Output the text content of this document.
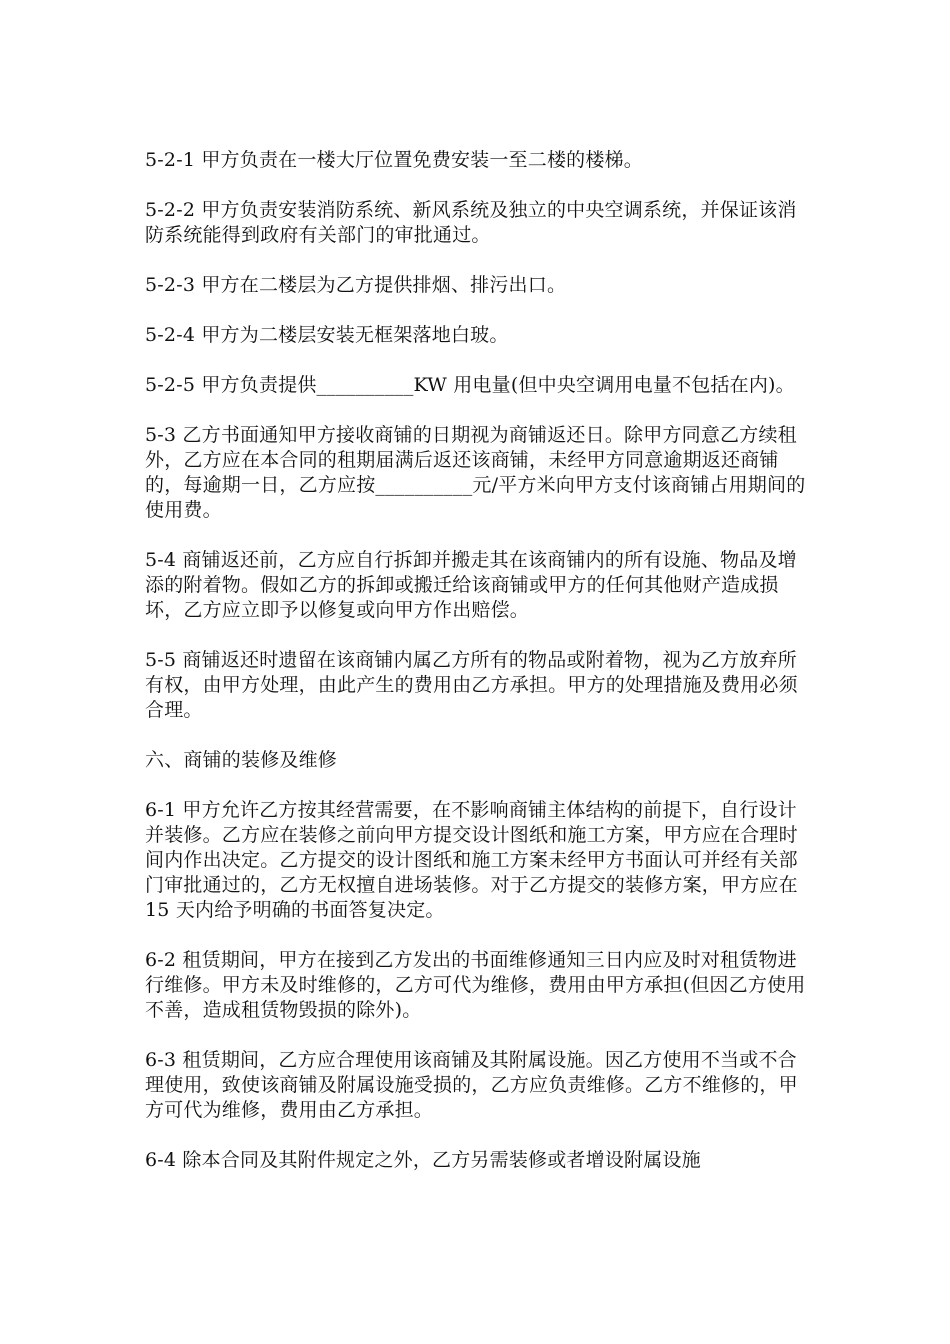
5-2-1 甲方负责在一楼大厅位置免费安装一至二楼的楼梯。

5-2-2 甲方负责安装消防系统、新风系统及独立的中央空调系统，并保证该消防系统能得到政府有关部门的审批通过。

5-2-3 甲方在二楼层为乙方提供排烟、排污出口。

5-2-4 甲方为二楼层安装无框架落地白玻。

5-2-5 甲方负责提供__________KW 用电量(但中央空调用电量不包括在内)。

5-3 乙方书面通知甲方接收商铺的日期视为商铺返还日。除甲方同意乙方续租外，乙方应在本合同的租期届满后返还该商铺，未经甲方同意逾期返还商铺的，每逾期一日，乙方应按__________元/平方米向甲方支付该商铺占用期间的使用费。

5-4 商铺返还前，乙方应自行拆卸并搬走其在该商铺内的所有设施、物品及增添的附着物。假如乙方的拆卸或搬迁给该商铺或甲方的任何其他财产造成损坏，乙方应立即予以修复或向甲方作出赔偿。

5-5 商铺返还时遗留在该商铺内属乙方所有的物品或附着物，视为乙方放弃所有权，由甲方处理，由此产生的费用由乙方承担。甲方的处理措施及费用必须合理。

六、商铺的装修及维修

6-1 甲方允许乙方按其经营需要，在不影响商铺主体结构的前提下，自行设计并装修。乙方应在装修之前向甲方提交设计图纸和施工方案，甲方应在合理时间内作出决定。乙方提交的设计图纸和施工方案未经甲方书面认可并经有关部门审批通过的，乙方无权擅自进场装修。对于乙方提交的装修方案，甲方应在 15 天内给予明确的书面答复决定。

6-2 租赁期间，甲方在接到乙方发出的书面维修通知三日内应及时对租赁物进行维修。甲方未及时维修的，乙方可代为维修，费用由甲方承担(但因乙方使用不善，造成租赁物毁损的除外)。

6-3 租赁期间，乙方应合理使用该商铺及其附属设施。因乙方使用不当或不合理使用，致使该商铺及附属设施受损的，乙方应负责维修。乙方不维修的，甲方可代为维修，费用由乙方承担。

6-4 除本合同及其附件规定之外，乙方另需装修或者增设附属设施
